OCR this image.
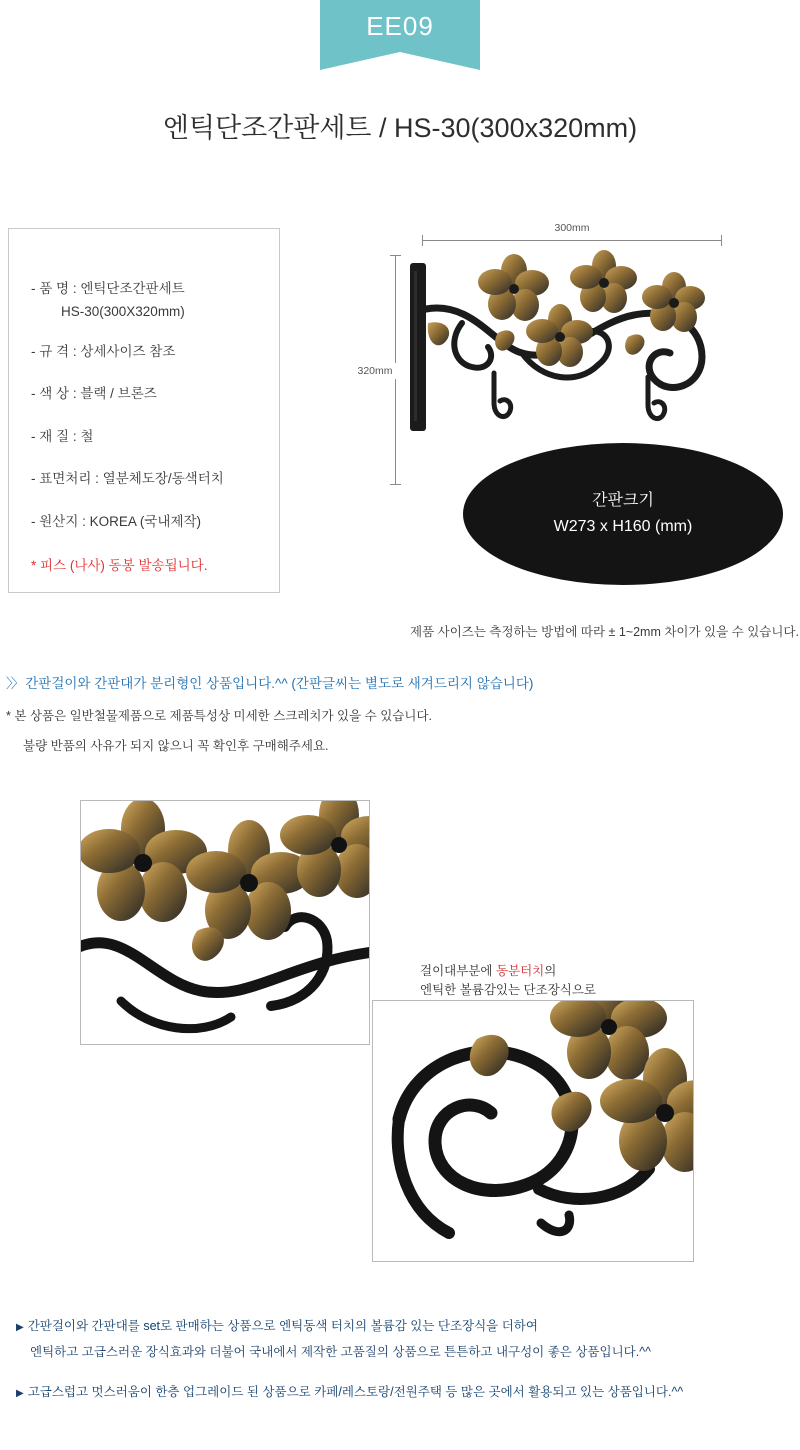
EE09
엔틱단조간판세트 / HS-30(300x320mm)
- 품 명 : 엔틱단조간판세트
HS-30(300X320mm)
- 규 격 : 상세사이즈 참조
- 색 상 : 블랙 / 브론즈
- 재 질 : 철
- 표면처리 : 열분체도장/동색터치
- 원산지 : KOREA (국내제작)
* 피스 (나사) 동봉 발송됩니다.
300mm
320mm
간판크기
W273 x H160 (mm)
제품 사이즈는 측정하는 방법에 따라 ± 1~2mm 차이가 있을 수 있습니다.
〉〉 간판걸이와 간판대가 분리형인 상품입니다.^^ (간판글씨는 별도로 새겨드리지 않습니다)
* 본 상품은 일반철물제품으로 제품특성상 미세한 스크레치가 있을 수 있습니다.
불량 반품의 사유가 되지 않으니 꼭 확인후 구매해주세요.
걸이대부분에 동분터치의
엔틱한 볼륨감있는 단조장식으로
▶ 간판걸이와 간판대를 set로 판매하는 상품으로 엔틱동색 터치의 볼륨감 있는 단조장식을 더하여
엔틱하고 고급스러운 장식효과와 더불어 국내에서 제작한 고품질의 상품으로 튼튼하고 내구성이 좋은 상품입니다.^^
▶ 고급스럽고 멋스러움이 한층 업그레이드 된 상품으로 카페/레스토랑/전원주택 등 많은 곳에서 활용되고 있는 상품입니다.^^
